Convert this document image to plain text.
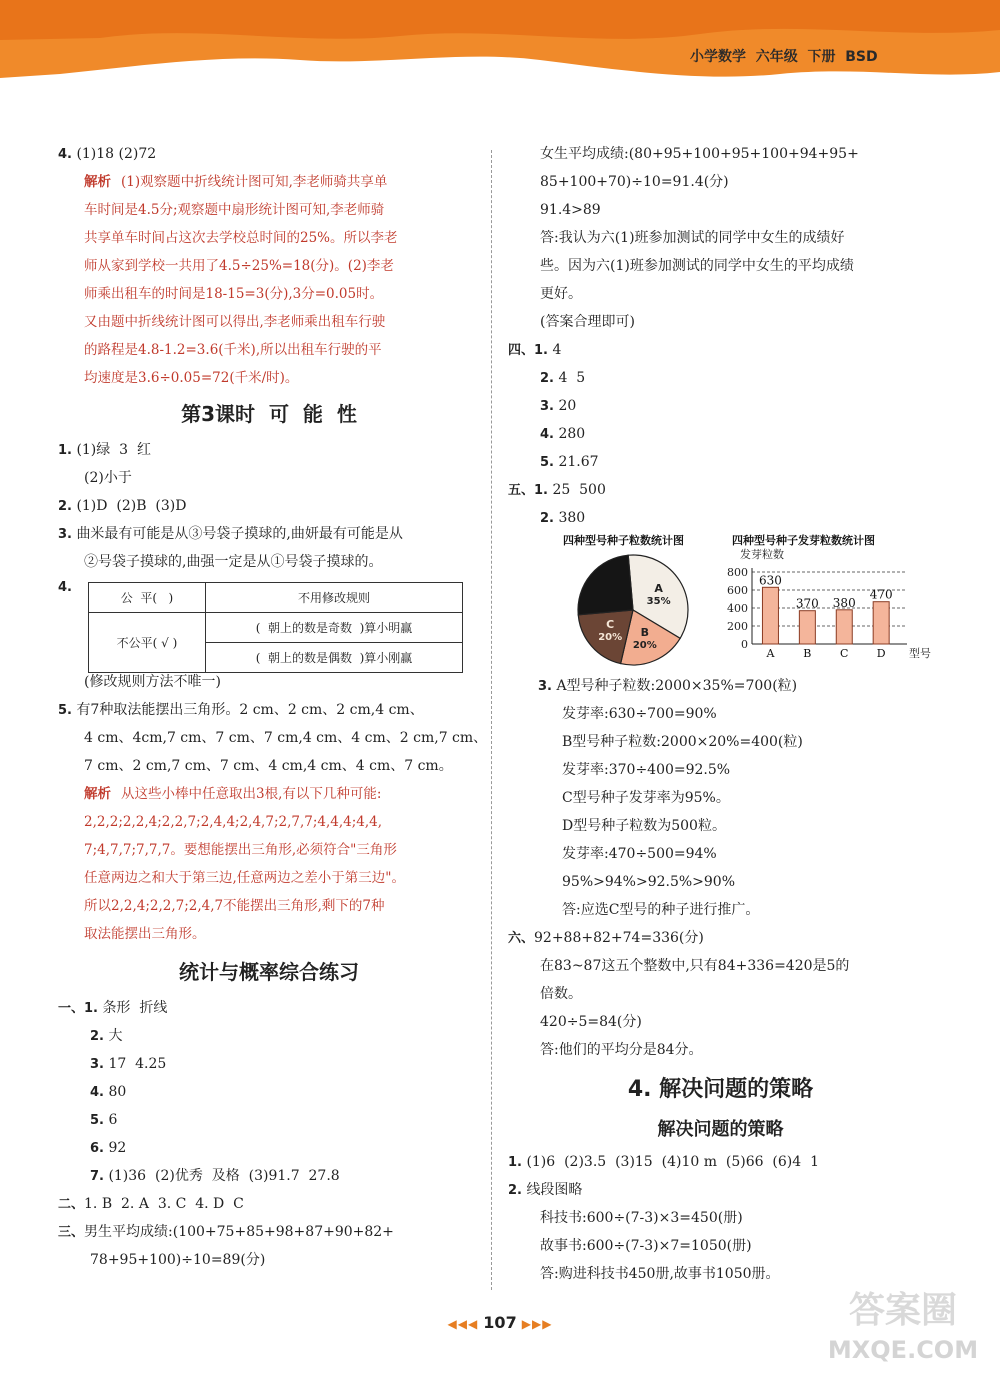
小学数学 六年级 下册 BSD
4. (1)18 (2)72
解析 (1)观察题中折线统计图可知,李老师骑共享单
车时间是4.5分;观察题中扇形统计图可知,李老师骑
共享单车时间占这次去学校总时间的25%。所以李老
师从家到学校一共用了4.5÷25%=18(分)。(2)李老
师乘出租车的时间是18-15=3(分),3分=0.05时。
又由题中折线统计图可以得出,李老师乘出租车行驶
的路程是4.8-1.2=3.6(千米),所以出租车行驶的平
均速度是3.6÷0.05=72(千米/时)。
第3课时  可  能  性
1. (1)绿  3  红
(2)小于
2. (1)D  (2)B  (3)D
3. 曲米最有可能是从③号袋子摸球的,曲妍最有可能是从
②号袋子摸球的,曲强一定是从①号袋子摸球的。
4.
公  平(   )	不用修改规则
不公平( √ )	(  朝上的数是奇数  )算小明赢
	(  朝上的数是偶数  )算小刚赢
(修改规则方法不唯一)
5. 有7种取法能摆出三角形。2 cm、2 cm、2 cm,4 cm、
4 cm、4cm,7 cm、7 cm、7 cm,4 cm、4 cm、2 cm,7 cm、
7 cm、2 cm,7 cm、7 cm、4 cm,4 cm、4 cm、7 cm。
解析 从这些小棒中任意取出3根,有以下几种可能:
2,2,2;2,2,4;2,2,7;2,4,4;2,4,7;2,7,7;4,4,4;4,4,
7;4,7,7;7,7,7。要想能摆出三角形,必须符合"三角形
任意两边之和大于第三边,任意两边之差小于第三边"。
所以2,2,4;2,2,7;2,4,7不能摆出三角形,剩下的7种
取法能摆出三角形。
统计与概率综合练习
一、1. 条形  折线
2. 大
3. 17  4.25
4. 80
5. 6
6. 92
7. (1)36  (2)优秀  及格  (3)91.7  27.8
二、1. B  2. A  3. C  4. D  C
三、男生平均成绩:(100+75+85+98+87+90+82+
78+95+100)÷10=89(分)
女生平均成绩:(80+95+100+95+100+94+95+
85+100+70)÷10=91.4(分)
91.4>89
答:我认为六(1)班参加测试的同学中女生的成绩好
些。因为六(1)班参加测试的同学中女生的平均成绩
更好。
(答案合理即可)
四、1. 4
2. 4  5
3. 20
4. 280
5. 21.67
五、1. 25  500
2. 380
四种型号种子粒数统计图
A
35%
B
20%
C
20%
四种型号种子发芽粒数统计图
发芽粒数
0
200
400
600
800
630
A
370
B
380
C
470
D 型号
3. A型号种子粒数:2000×35%=700(粒)
发芽率:630÷700=90%
B型号种子粒数:2000×20%=400(粒)
发芽率:370÷400=92.5%
C型号种子发芽率为95%。
D型号种子粒数为500粒。
发芽率:470÷500=94%
95%>94%>92.5%>90%
答:应选C型号的种子进行推广。
六、92+88+82+74=336(分)
在83~87这五个整数中,只有84+336=420是5的
倍数。
420÷5=84(分)
答:他们的平均分是84分。
4. 解决问题的策略
解决问题的策略
1. (1)6  (2)3.5  (3)15  (4)10 m  (5)66  (6)4  1
2. 线段图略
科技书:600÷(7-3)×3=450(册)
故事书:600÷(7-3)×7=1050(册)
答:购进科技书450册,故事书1050册。
◀◀◀ 107 ▶▶▶	答案圈
MXQE.COM
